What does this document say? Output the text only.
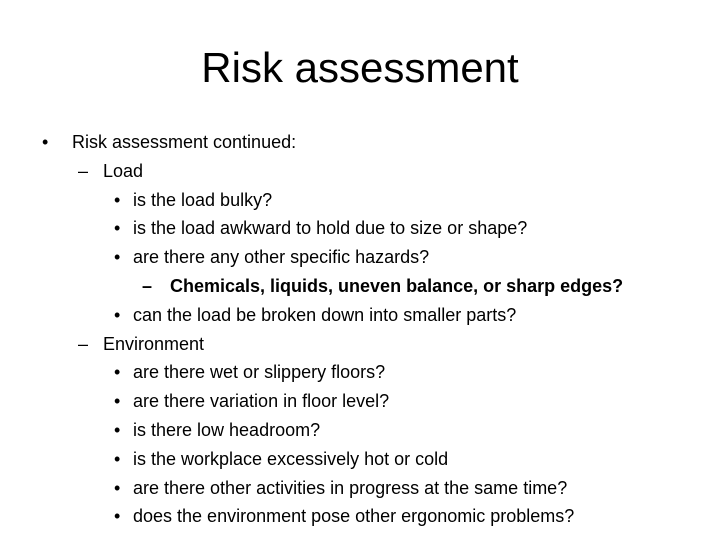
Risk assessment
• Risk assessment continued:
– Load
• is the load bulky?
• is the load awkward to hold due to size or shape?
• are there any other specific hazards?
– Chemicals, liquids, uneven balance, or sharp edges?
• can the load be broken down into smaller parts?
– Environment
• are there wet or slippery floors?
• are there variation in floor level?
• is there low headroom?
• is the workplace excessively hot or cold
• are there other activities in progress at the same time?
• does the environment pose other ergonomic problems?
